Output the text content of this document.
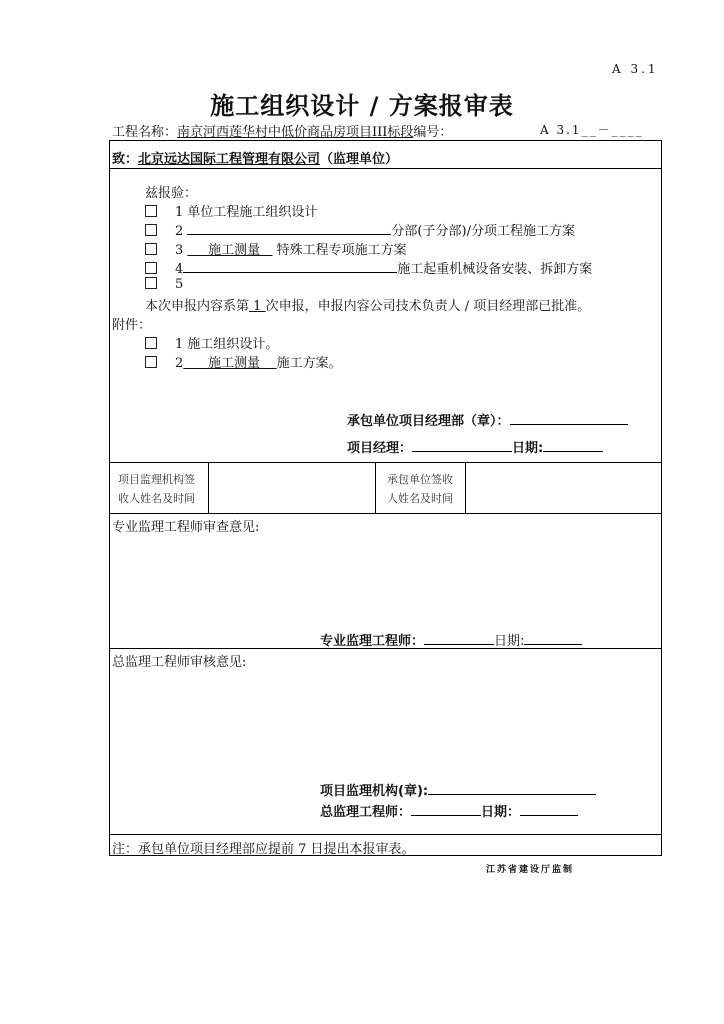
A 3.1
施工组织设计 / 方案报审表
工程名称：南京河西莲华村中低价商品房项目III标段编号：	A 3.1__－____
致：北京远达国际工程管理有限公司（监理单位）
兹报验：
1 单位工程施工组织设计
2	分部(子分部)/分项工程施工方案
3 施工测量 特殊工程专项施工方案
4	施工起重机械设备安装、拆卸方案
5
本次申报内容系第 1 次申报，申报内容公司技术负责人 / 项目经理部已批准。
附件：
1 施工组织设计。
2 施工测量 施工方案。
承包单位项目经理部（章）：
项目经理：	日期:
项目监理机构签
收人姓名及时间
承包单位签收
人姓名及时间
专业监理工程师审查意见:
专业监理工程师：	日期:
总监理工程师审核意见:
项目监理机构(章):
总监理工程师：	日期：
注：承包单位项目经理部应提前 7 日提出本报审表。
江苏省建设厅监制
